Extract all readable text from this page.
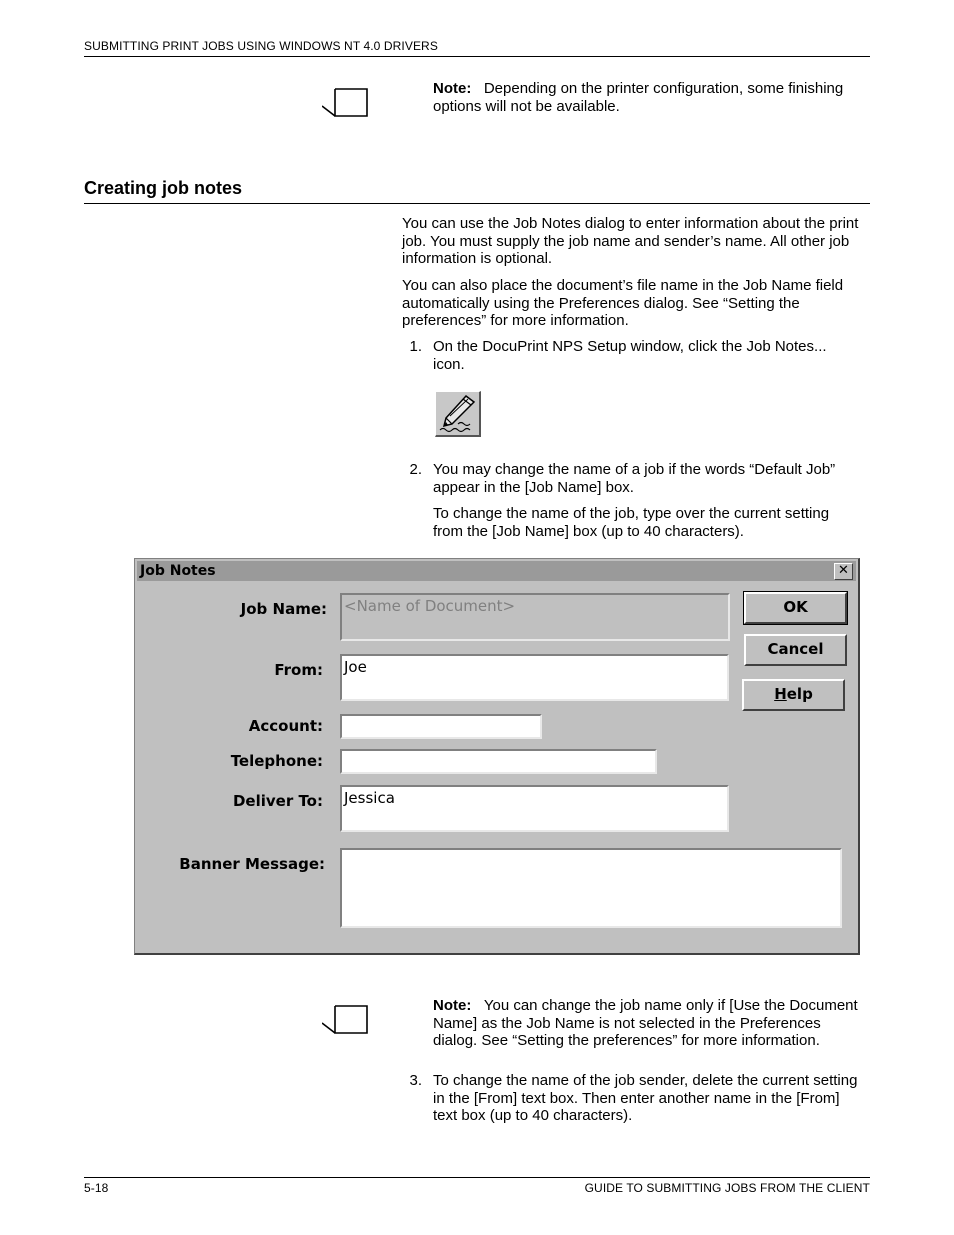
SUBMITTING PRINT JOBS USING WINDOWS NT 4.0 DRIVERS
Note: Depending on the printer configuration, some finishing
options will not be available.
Creating job notes
You can use the Job Notes dialog to enter information about the print
job. You must supply the job name and sender’s name. All other job
information is optional.
You can also place the document’s file name in the Job Name field
automatically using the Preferences dialog. See “Setting the
preferences” for more information.
1. On the DocuPrint NPS Setup window, click the Job Notes...
icon.
2. You may change the name of a job if the words “Default Job”
appear in the [Job Name] box.
To change the name of the job, type over the current setting
from the [Job Name] box (up to 40 characters).
Job Notes	✕
Job Name: <Name of Document>
From: Joe
Account:
Telephone:
Deliver To: Jessica
Banner Message:
OK
Cancel
Help
Note: You can change the job name only if [Use the Document
Name] as the Job Name is not selected in the Preferences
dialog. See “Setting the preferences” for more information.
3. To change the name of the job sender, delete the current setting
in the [From] text box. Then enter another name in the [From]
text box (up to 40 characters).
5-18	GUIDE TO SUBMITTING JOBS FROM THE CLIENT
